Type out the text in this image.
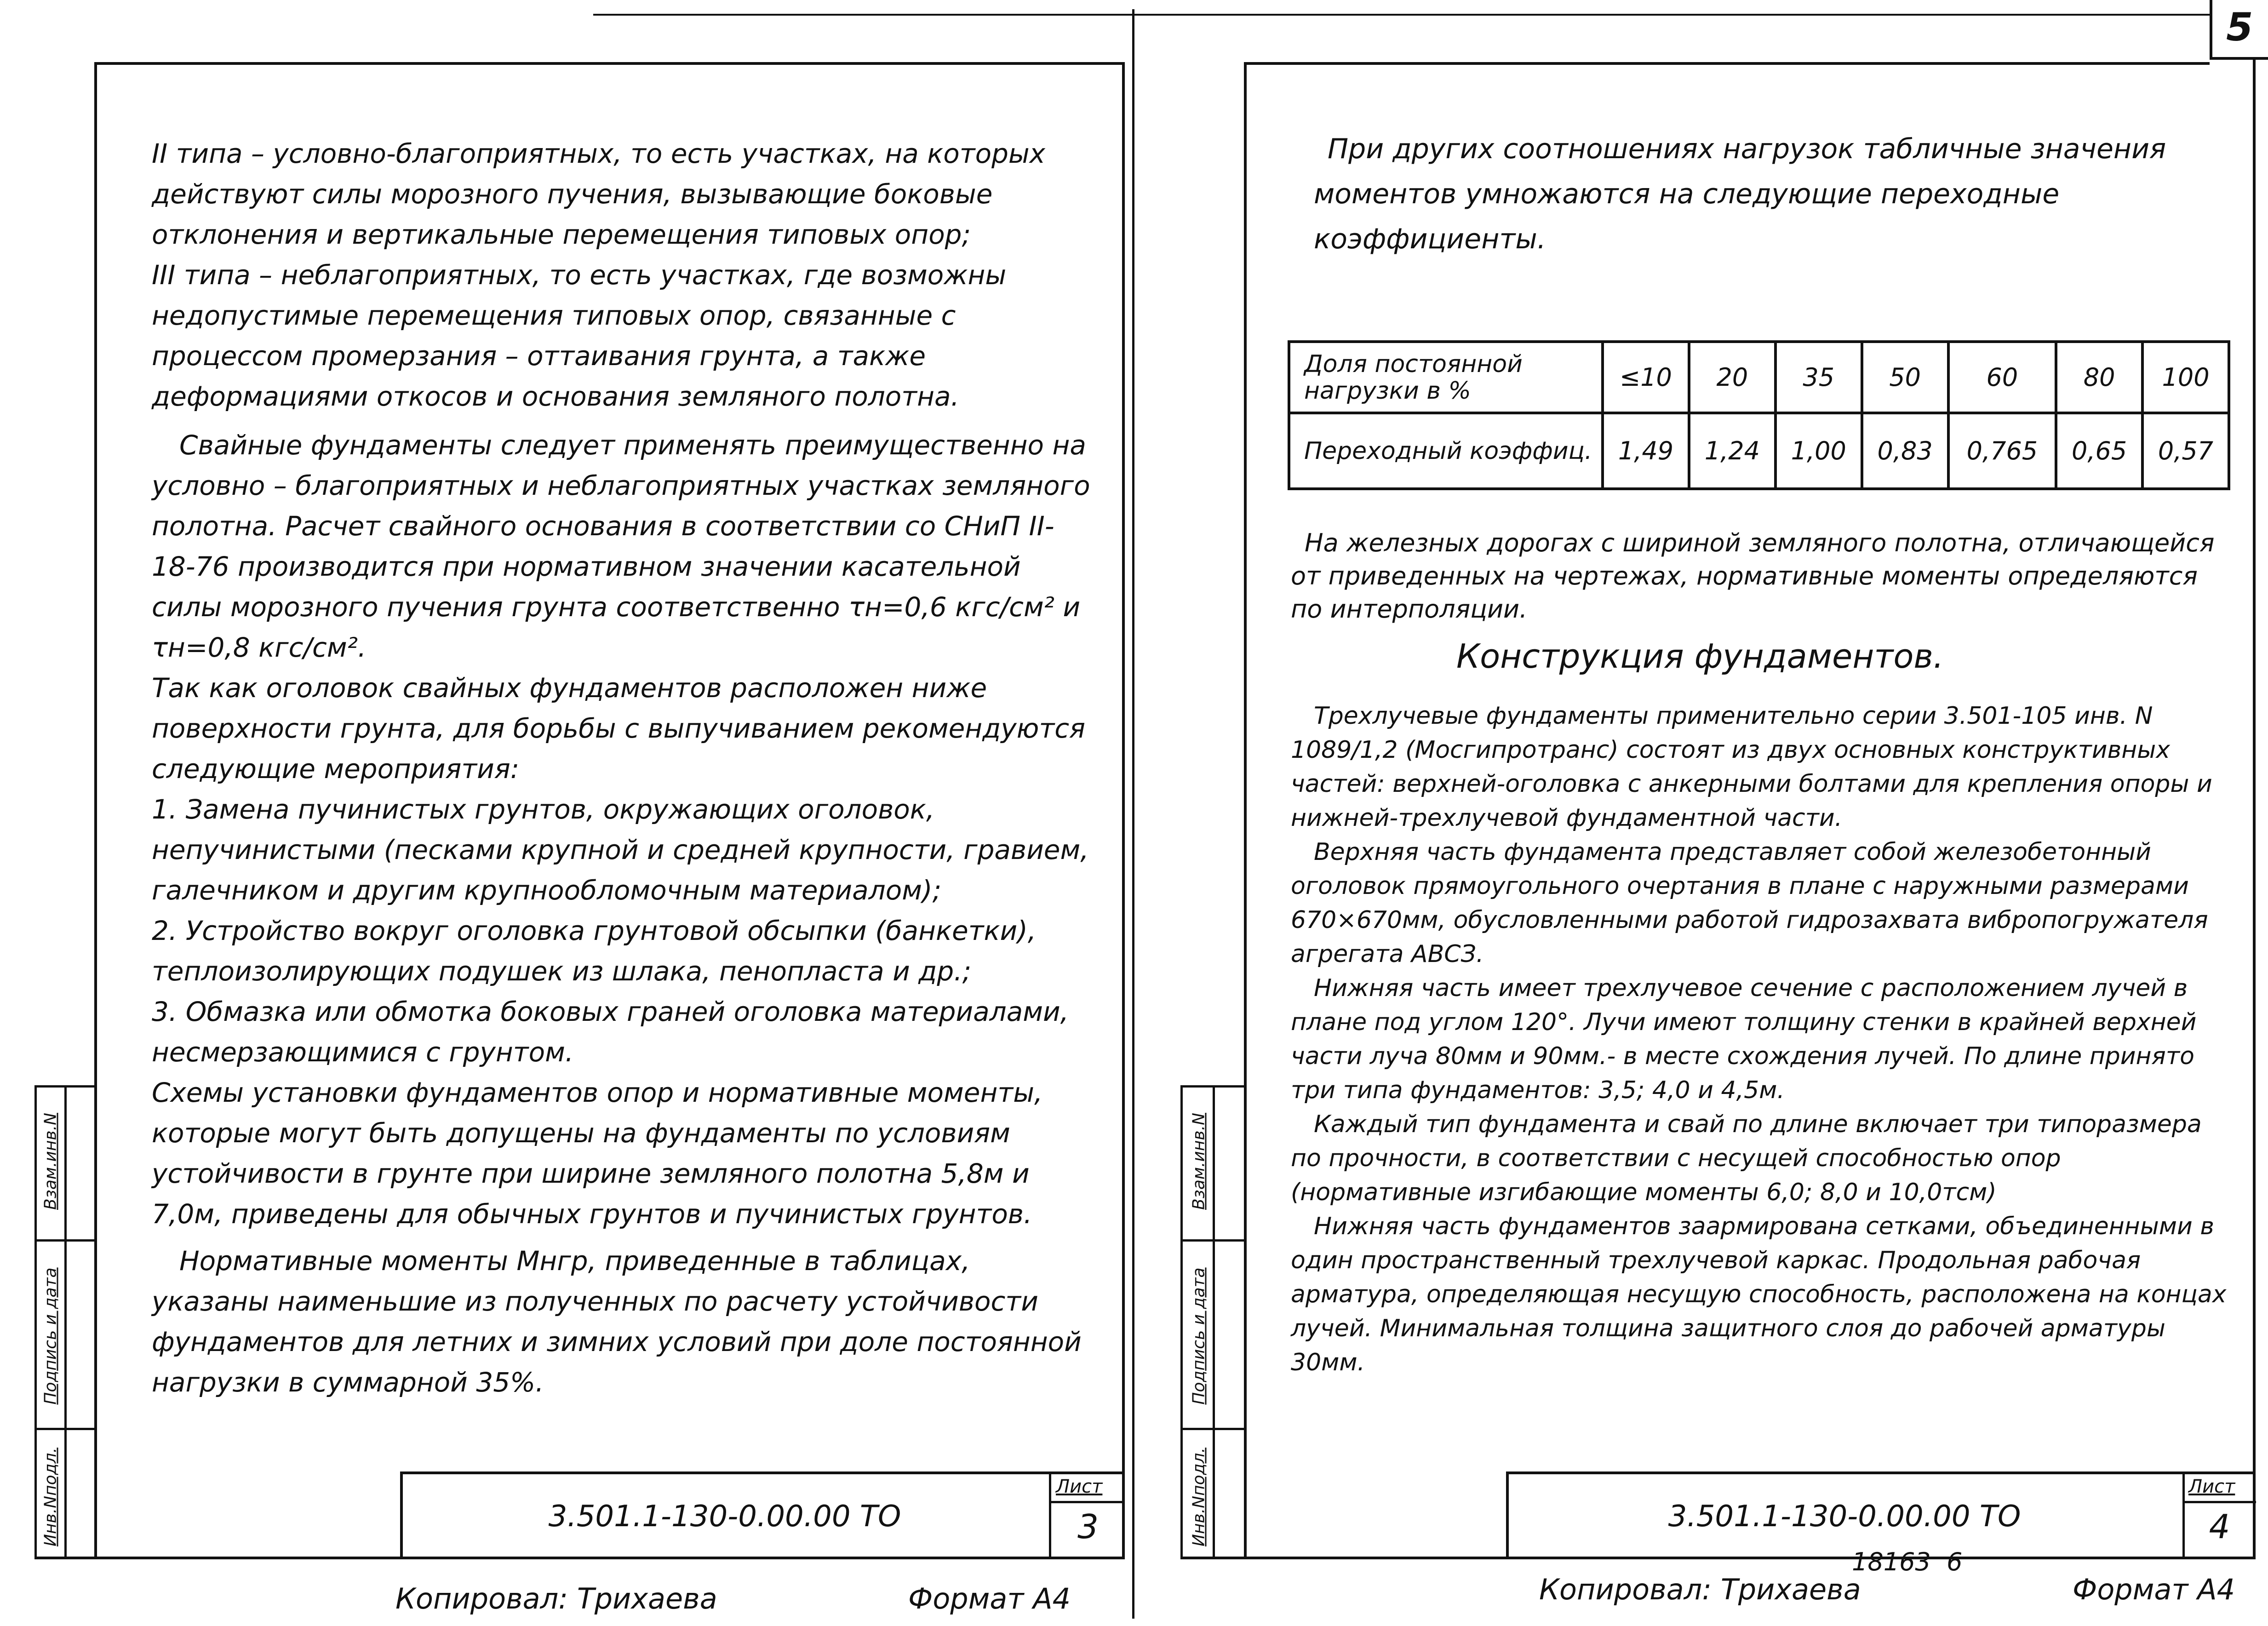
5
Взам.инв.N
Подпись и дата
Инв.Nподл.

II типа – условно-благоприятных, то есть участках, на которых действуют силы морозного пучения, вызывающие боковые отклонения и вертикальные перемещения типовых опор;

III типа – неблагоприятных, то есть участках, где возможны недопустимые перемещения типовых опор, связанные с процессом промерзания – оттаивания грунта, а также деформациями откосов и основания земляного полотна.

Свайные фундаменты следует применять преимущественно на условно – благоприятных и неблагоприятных участках земляного полотна. Расчет свайного основания в соответствии со СНиП II-18-76 производится при нормативном значении касательной силы морозного пучения грунта соответственно τн=0,6 кгс/см² и τн=0,8 кгс/см².

Так как оголовок свайных фундаментов расположен ниже поверхности грунта, для борьбы с выпучиванием рекомендуются следующие мероприятия:

1. Замена пучинистых грунтов, окружающих оголовок, непучинистыми (песками крупной и средней крупности, гравием, галечником и другим крупнообломочным материалом);

2. Устройство вокруг оголовка грунтовой обсыпки (банкетки), теплоизолирующих подушек из шлака, пенопласта и др.;

3. Обмазка или обмотка боковых граней оголовка материалами, несмерзающимися с грунтом.

Схемы установки фундаментов опор и нормативные моменты, которые могут быть допущены на фундаменты по условиям устойчивости в грунте при ширине земляного полотна 5,8м и 7,0м, приведены для обычных грунтов и пучинистых грунтов.

Нормативные моменты Mнгр, приведенные в таблицах, указаны наименьшие из полученных по расчету устойчивости фундаментов для летних и зимних условий при доле постоянной нагрузки в суммарной 35%.

3.501.1-130-0.00.00 ТО
Лист
3
Копировал: Трихаева	Формат А4
Взам.инв.N
Подпись и дата
Инв.Nподл.
При других соотношениях нагрузок табличные значения моментов умножаются на следующие переходные коэффициенты.
Доля постоянной нагрузки в %	≤10	20	35	50	60	80	100
Переходный коэффиц.	1,49	1,24	1,00	0,83	0,765	0,65	0,57
На железных дорогах с шириной земляного полотна, отличающейся от приведенных на чертежах, нормативные моменты определяются по интерполяции.
Конструкция фундаментов.

Трехлучевые фундаменты применительно серии 3.501-105 инв. N 1089/1,2 (Мосгипротранс) состоят из двух основных конструктивных частей: верхней-оголовка с анкерными болтами для крепления опоры и нижней-трехлучевой фундаментной части.

Верхняя часть фундамента представляет собой железобетонный оголовок прямоугольного очертания в плане с наружными размерами 670×670мм, обусловленными работой гидрозахвата вибропогружателя агрегата АВСЗ.

Нижняя часть имеет трехлучевое сечение с расположением лучей в плане под углом 120°. Лучи имеют толщину стенки в крайней верхней части луча 80мм и 90мм.- в месте схождения лучей. По длине принято три типа фундаментов: 3,5; 4,0 и 4,5м.

Каждый тип фундамента и свай по длине включает три типоразмера по прочности, в соответствии с несущей способностью опор (нормативные изгибающие моменты 6,0; 8,0 и 10,0тсм)

Нижняя часть фундаментов заармирована сетками, объединенными в один пространственный трехлучевой каркас. Продольная рабочая арматура, определяющая несущую способность, расположена на концах лучей. Минимальная толщина защитного слоя до рабочей арматуры 30мм.

3.501.1-130-0.00.00 ТО
Лист
4
Копировал: Трихаева
18163  6
Формат А4
